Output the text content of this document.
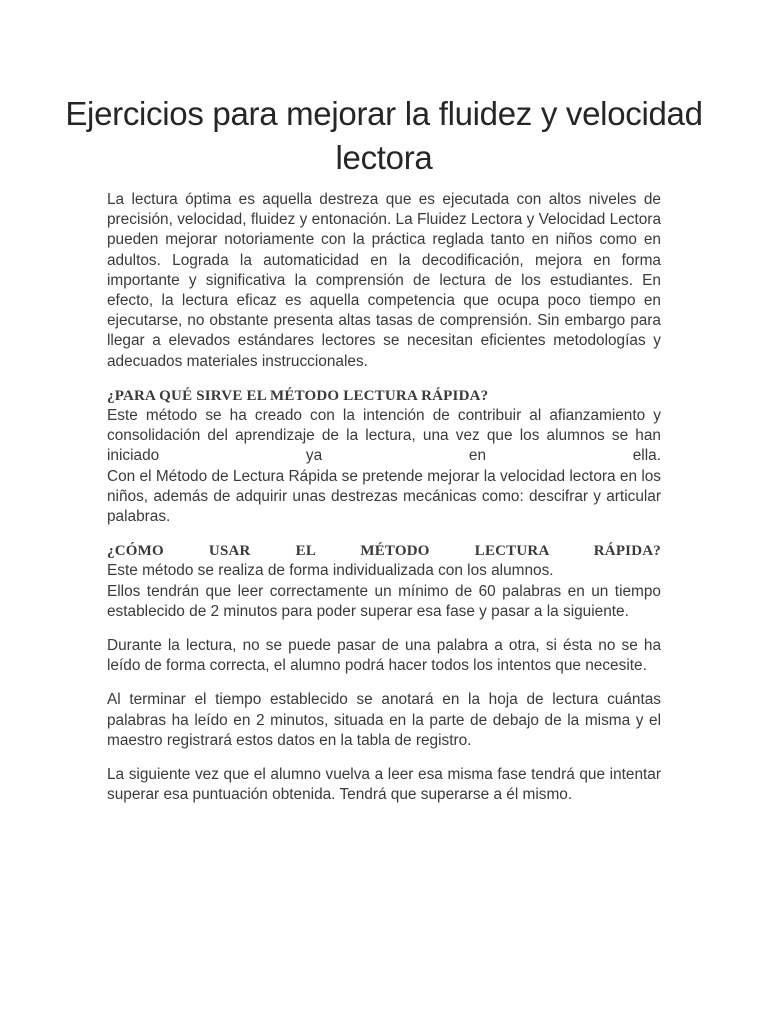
Ejercicios para mejorar la fluidez y velocidad lectora

La lectura óptima es aquella destreza que es ejecutada con altos niveles de precisión, velocidad, fluidez y entonación. La Fluidez Lectora y Velocidad Lectora pueden mejorar notoriamente con la práctica reglada tanto en niños como en adultos. Lograda la automaticidad en la decodificación, mejora en forma importante y significativa la comprensión de lectura de los estudiantes. En efecto, la lectura eficaz es aquella competencia que ocupa poco tiempo en ejecutarse, no obstante presenta altas tasas de comprensión. Sin embargo para llegar a elevados estándares lectores se necesitan eficientes metodologías y adecuados materiales instruccionales.

¿PARA QUÉ SIRVE EL MÉTODO LECTURA RÁPIDA?
Este método se ha creado con la intención de contribuir al afianzamiento y consolidación del aprendizaje de la lectura, una vez que los alumnos se han iniciado ya en ella.
Con el Método de Lectura Rápida se pretende mejorar la velocidad lectora en los niños, además de adquirir unas destrezas mecánicas como: descifrar y articular palabras.
¿CÓMO USAR EL MÉTODO LECTURA RÁPIDA?
Este método se realiza de forma individualizada con los alumnos.
Ellos tendrán que leer correctamente un mínimo de 60 palabras en un tiempo establecido de 2 minutos para poder superar esa fase y pasar a la siguiente.

Durante la lectura, no se puede pasar de una palabra a otra, si ésta no se ha leído de forma correcta, el alumno podrá hacer todos los intentos que necesite.

Al terminar el tiempo establecido se anotará en la hoja de lectura cuántas palabras ha leído en 2 minutos, situada en la parte de debajo de la misma y el maestro registrará estos datos en la tabla de registro.

La siguiente vez que el alumno vuelva a leer esa misma fase tendrá que intentar superar esa puntuación obtenida. Tendrá que superarse a él mismo.
